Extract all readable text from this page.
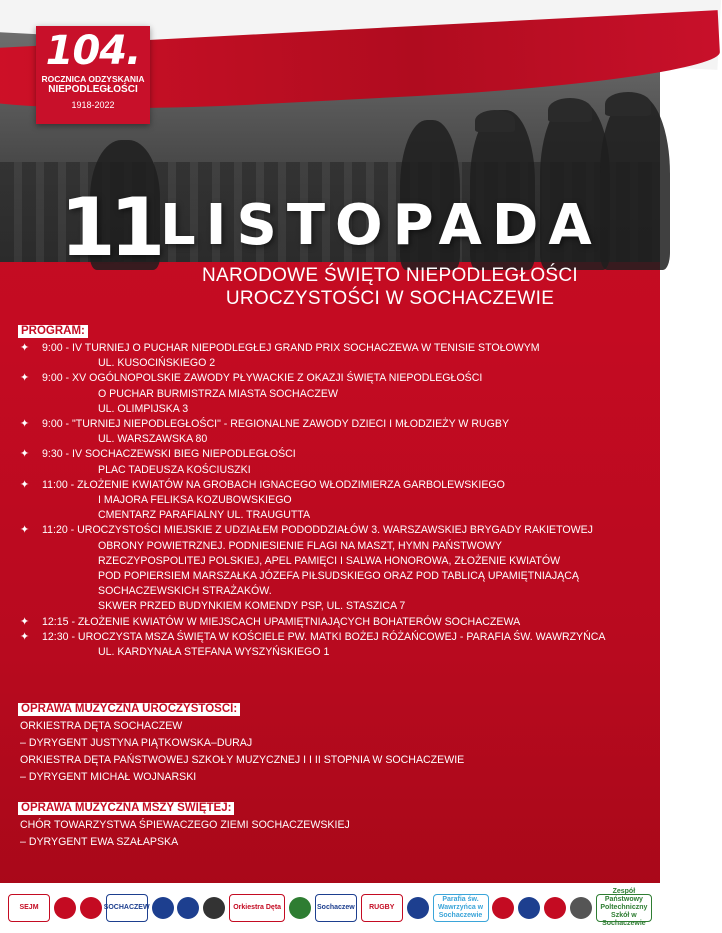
104.
ROCZNICA ODZYSKANIA
NIEPODLEGŁOŚCI
1918-2022
11 LISTOPADA
NARODOWE ŚWIĘTO NIEPODLEGŁOŚCI
UROCZYSTOŚCI W SOCHACZEWIE
PROGRAM:
✦ 9:00 - IV TURNIEJ O PUCHAR NIEPODLEGŁEJ GRAND PRIX SOCHACZEWA W TENISIE STOŁOWYM
UL. KUSOCIŃSKIEGO 2
✦ 9:00 - XV OGÓLNOPOLSKIE ZAWODY PŁYWACKIE Z OKAZJI ŚWIĘTA NIEPODLEGŁOŚCI
O PUCHAR BURMISTRZA MIASTA SOCHACZEW
UL. OLIMPIJSKA 3
✦ 9:00 - "TURNIEJ NIEPODLEGŁOŚCI" - REGIONALNE ZAWODY DZIECI I MŁODZIEŻY W RUGBY
UL. WARSZAWSKA 80
✦ 9:30 - IV SOCHACZEWSKI BIEG NIEPODLEGŁOŚCI
PLAC TADEUSZA KOŚCIUSZKI
✦ 11:00 - ZŁOŻENIE KWIATÓW NA GROBACH IGNACEGO WŁODZIMIERZA GARBOLEWSKIEGO
I MAJORA FELIKSA KOZUBOWSKIEGO
CMENTARZ PARAFIALNY UL. TRAUGUTTA
✦ 11:20 - UROCZYSTOŚCI MIEJSKIE Z UDZIAŁEM PODODDZIAŁÓW 3. WARSZAWSKIEJ BRYGADY RAKIETOWEJ
OBRONY POWIETRZNEJ. PODNIESIENIE FLAGI NA MASZT, HYMN PAŃSTWOWY
RZECZYPOSPOLITEJ POLSKIEJ, APEL PAMIĘCI I SALWA HONOROWA, ZŁOŻENIE KWIATÓW
POD POPIERSIEM MARSZAŁKA JÓZEFA PIŁSUDSKIEGO ORAZ POD TABLICĄ UPAMIĘTNIAJĄCĄ
SOCHACZEWSKICH STRAŻAKÓW.
SKWER PRZED BUDYNKIEM KOMENDY PSP, UL. STASZICA 7
✦ 12:15 - ZŁOŻENIE KWIATÓW W MIEJSCACH UPAMIĘTNIAJĄCYCH BOHATERÓW SOCHACZEWA
✦ 12:30 - UROCZYSTA MSZA ŚWIĘTA W KOŚCIELE PW. MATKI BOŻEJ RÓŻAŃCOWEJ - PARAFIA ŚW. WAWRZYŃCA
UL. KARDYNAŁA STEFANA WYSZYŃSKIEGO 1
OPRAWA MUZYCZNA UROCZYSTOŚCI:
ORKIESTRA DĘTA SOCHACZEW
– DYRYGENT JUSTYNA PIĄTKOWSKA–DURAJ
ORKIESTRA DĘTA PAŃSTWOWEJ SZKOŁY MUZYCZNEJ I I II STOPNIA W SOCHACZEWIE
– DYRYGENT MICHAŁ WOJNARSKI
OPRAWA MUZYCZNA MSZY ŚWIĘTEJ:
CHÓR TOWARZYSTWA ŚPIEWACZEGO ZIEMI SOCHACZEWSKIEJ
– DYRYGENT EWA SZAŁAPSKA
SEJM	SOCHACZEW	Orkiestra Dęta	Sochaczew	RUGBY
Parafia św. Wawrzyńca w Sochaczewie
Zespół Państwowy Poltechniczny Szkół w Sochaczewie
